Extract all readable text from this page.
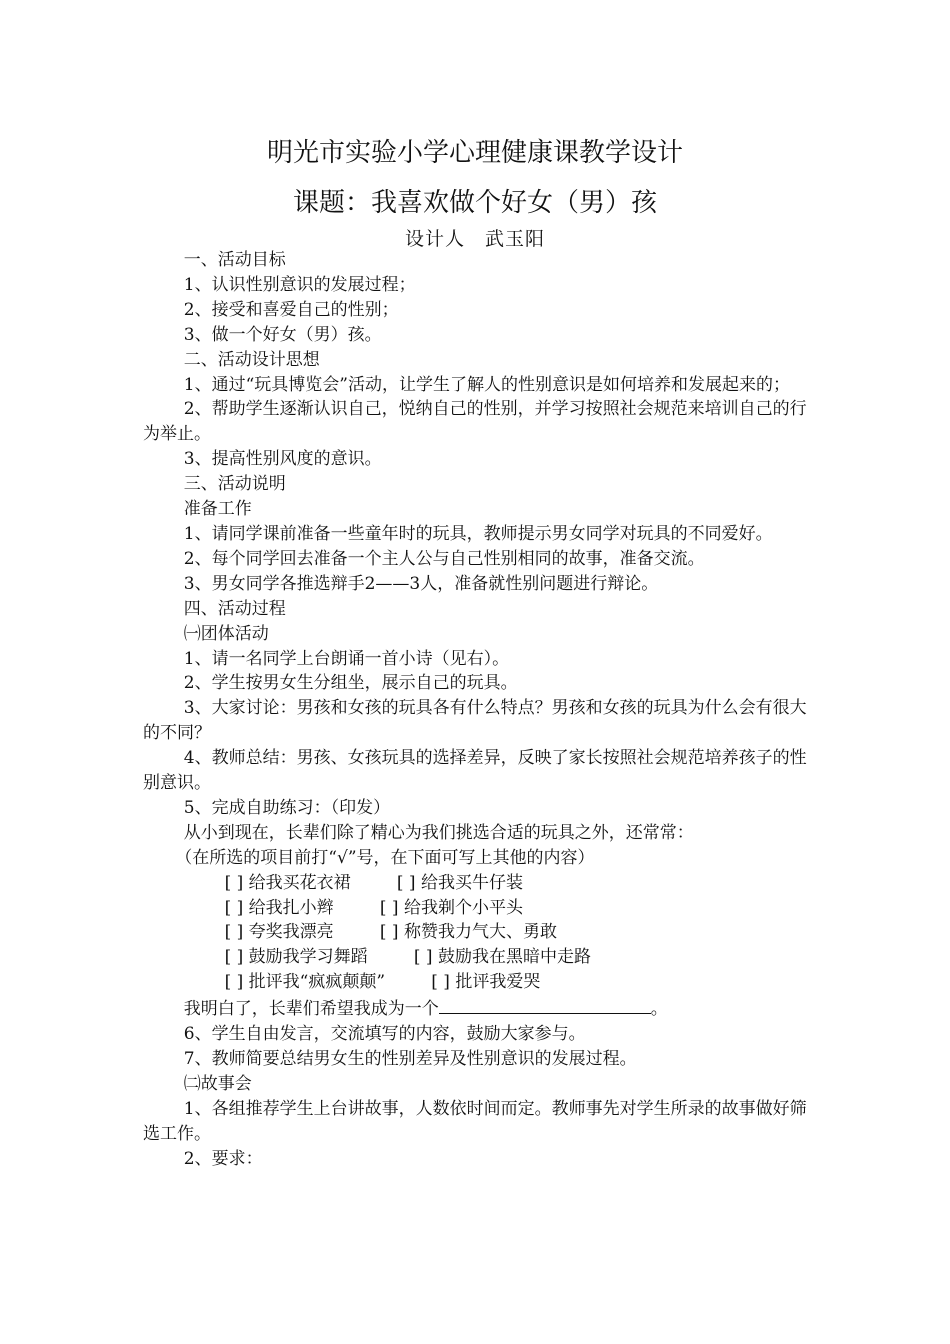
明光市实验小学心理健康课教学设计
课题：我喜欢做个好女（男）孩
设计人　武玉阳

一、活动目标

1、认识性别意识的发展过程；

2、接受和喜爱自己的性别；

3、做一个好女（男）孩。

二、活动设计思想

1、通过“玩具博览会”活动，让学生了解人的性别意识是如何培养和发展起来的；

2、帮助学生逐渐认识自己，悦纳自己的性别，并学习按照社会规范来培训自己的行为举止。

3、提高性别风度的意识。

三、活动说明

准备工作

1、请同学课前准备一些童年时的玩具，教师提示男女同学对玩具的不同爱好。

2、每个同学回去准备一个主人公与自己性别相同的故事，准备交流。

3、男女同学各推选辩手2——3人，准备就性别问题进行辩论。

四、活动过程

㈠团体活动

1、请一名同学上台朗诵一首小诗（见右）。

2、学生按男女生分组坐，展示自己的玩具。

3、大家讨论：男孩和女孩的玩具各有什么特点？男孩和女孩的玩具为什么会有很大的不同？

4、教师总结：男孩、女孩玩具的选择差异，反映了家长按照社会规范培养孩子的性别意识。

5、完成自助练习：（印发）

从小到现在，长辈们除了精心为我们挑选合适的玩具之外，还常常：

（在所选的项目前打“√”号，在下面可写上其他的内容）

[ ] 给我买花衣裙	[ ] 给我买牛仔装

[ ] 给我扎小辫	[ ] 给我剃个小平头

[ ] 夸奖我漂亮	[ ] 称赞我力气大、勇敢

[ ] 鼓励我学习舞蹈	[ ] 鼓励我在黑暗中走路

[ ] 批评我“疯疯颠颠”	[ ] 批评我爱哭

我明白了，长辈们希望我成为一个	。

6、学生自由发言，交流填写的内容，鼓励大家参与。

7、教师简要总结男女生的性别差异及性别意识的发展过程。

㈡故事会

1、各组推荐学生上台讲故事，人数依时间而定。教师事先对学生所录的故事做好筛选工作。

2、要求：
